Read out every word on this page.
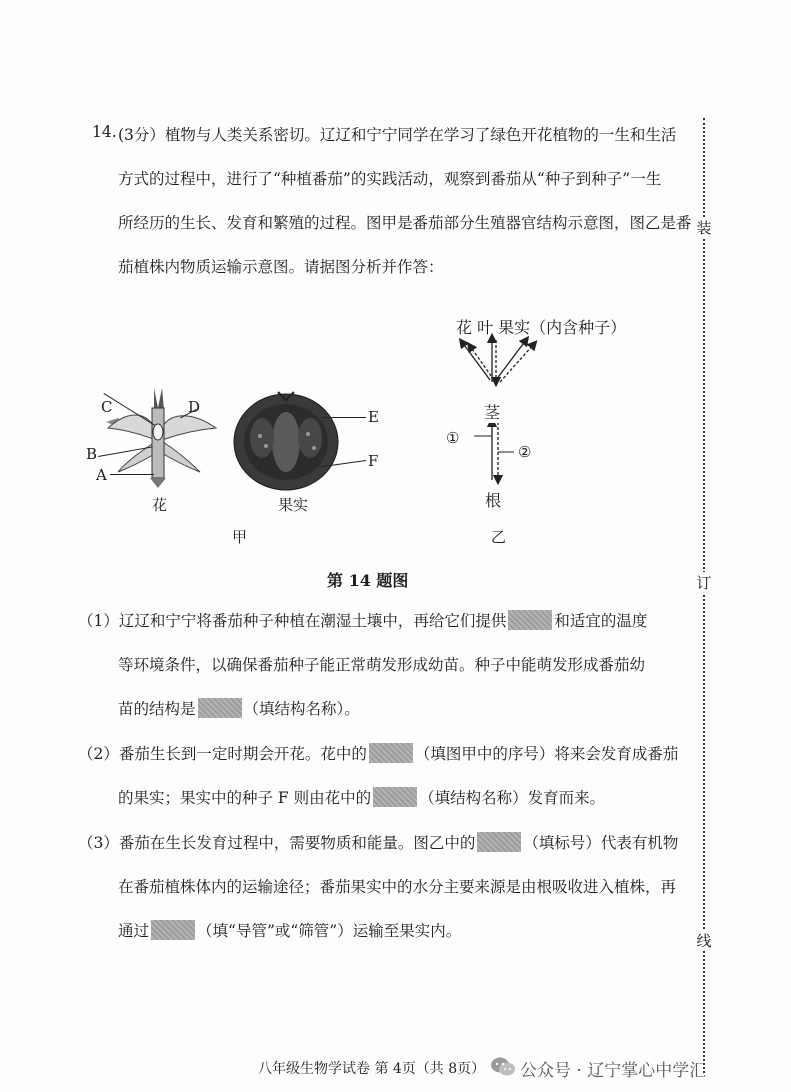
14. (3分）植物与人类关系密切。辽辽和宁宁同学在学习了绿色开花植物的一生和生活
方式的过程中，进行了“种植番茄”的实践活动，观察到番茄从“种子到种子”一生
所经历的生长、发育和繁殖的过程。图甲是番茄部分生殖器官结构示意图，图乙是番
茄植株内物质运输示意图。请据图分析并作答：
C	D
B
A
花
E
F
果实
甲
花 叶 果实（内含种子）
茎
①
②
根
乙
第 14 题图
（1）辽辽和宁宁将番茄种子种植在潮湿土壤中，再给它们提供	和适宜的温度
等环境条件，以确保番茄种子能正常萌发形成幼苗。种子中能萌发形成番茄幼
苗的结构是	（填结构名称）。
（2）番茄生长到一定时期会开花。花中的	（填图甲中的序号）将来会发育成番茄
的果实；果实中的种子 F 则由花中的	（填结构名称）发育而来。
（3）番茄在生长发育过程中，需要物质和能量。图乙中的	（填标号）代表有机物
在番茄植株体内的运输途径；番茄果实中的水分主要来源是由根吸收进入植株，再
通过	（填“导管”或“筛管”）运输至果实内。
装
订
线
八年级生物学试卷 第 4页（共 8页） 公众号 · 辽宁掌心中学汇
